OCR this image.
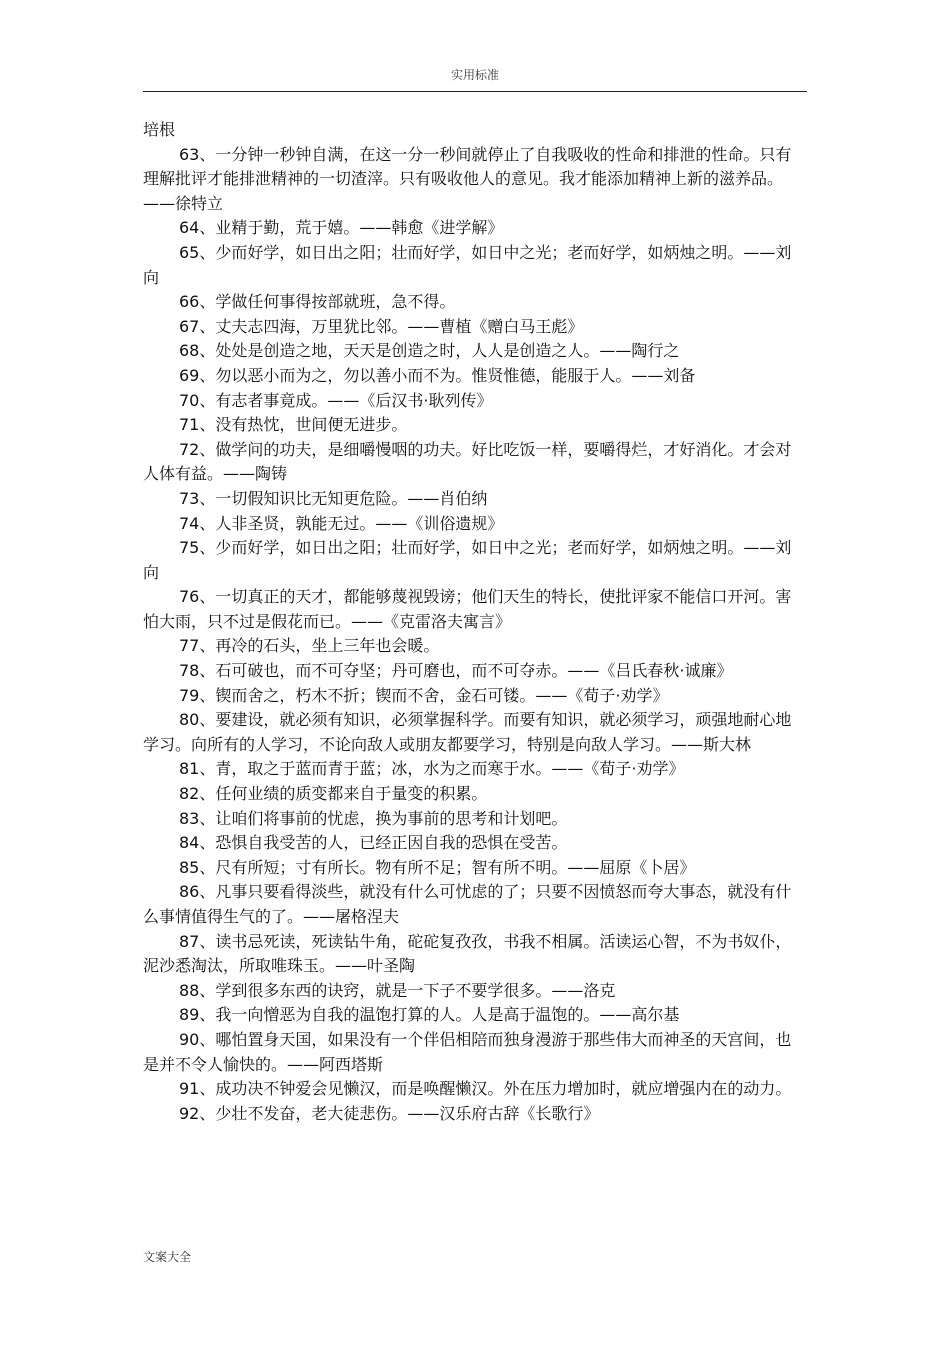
实用标准

培根

63、一分钟一秒钟自满，在这一分一秒间就停止了自我吸收的性命和排泄的性命。只有理解批评才能排泄精神的一切渣滓。只有吸收他人的意见。我才能添加精神上新的滋养品。——徐特立

64、业精于勤，荒于嬉。——韩愈《进学解》

65、少而好学，如日出之阳；壮而好学，如日中之光；老而好学，如炳烛之明。——刘向

66、学做任何事得按部就班，急不得。

67、丈夫志四海，万里犹比邻。——曹植《赠白马王彪》

68、处处是创造之地，天天是创造之时，人人是创造之人。——陶行之

69、勿以恶小而为之，勿以善小而不为。惟贤惟德，能服于人。——刘备

70、有志者事竟成。——《后汉书·耿列传》

71、没有热忱，世间便无进步。

72、做学问的功夫，是细嚼慢咽的功夫。好比吃饭一样，要嚼得烂，才好消化。才会对人体有益。——陶铸

73、一切假知识比无知更危险。——肖伯纳

74、人非圣贤，孰能无过。——《训俗遗规》

75、少而好学，如日出之阳；壮而好学，如日中之光；老而好学，如炳烛之明。——刘向

76、一切真正的天才，都能够蔑视毁谤；他们天生的特长，使批评家不能信口开河。害怕大雨，只不过是假花而已。——《克雷洛夫寓言》

77、再冷的石头，坐上三年也会暖。

78、石可破也，而不可夺坚；丹可磨也，而不可夺赤。——《吕氏春秋·诚廉》

79、锲而舍之，朽木不折；锲而不舍，金石可镂。——《荀子·劝学》

80、要建设，就必须有知识，必须掌握科学。而要有知识，就必须学习，顽强地耐心地学习。向所有的人学习，不论向敌人或朋友都要学习，特别是向敌人学习。——斯大林

81、青，取之于蓝而青于蓝；冰，水为之而寒于水。——《荀子·劝学》

82、任何业绩的质变都来自于量变的积累。

83、让咱们将事前的忧虑，换为事前的思考和计划吧。

84、恐惧自我受苦的人，已经正因自我的恐惧在受苦。

85、尺有所短；寸有所长。物有所不足；智有所不明。——屈原《卜居》

86、凡事只要看得淡些，就没有什么可忧虑的了；只要不因愤怒而夸大事态，就没有什么事情值得生气的了。——屠格涅夫

87、读书忌死读，死读钻牛角，砣砣复孜孜，书我不相属。活读运心智，不为书奴仆，泥沙悉淘汰，所取唯珠玉。——叶圣陶

88、学到很多东西的诀窍，就是一下子不要学很多。——洛克

89、我一向憎恶为自我的温饱打算的人。人是高于温饱的。——高尔基

90、哪怕置身天国，如果没有一个伴侣相陪而独身漫游于那些伟大而神圣的天宫间，也是并不令人愉快的。——阿西塔斯

91、成功决不钟爱会见懒汉，而是唤醒懒汉。外在压力增加时，就应增强内在的动力。

92、少壮不发奋，老大徒悲伤。——汉乐府古辞《长歌行》

文案大全
